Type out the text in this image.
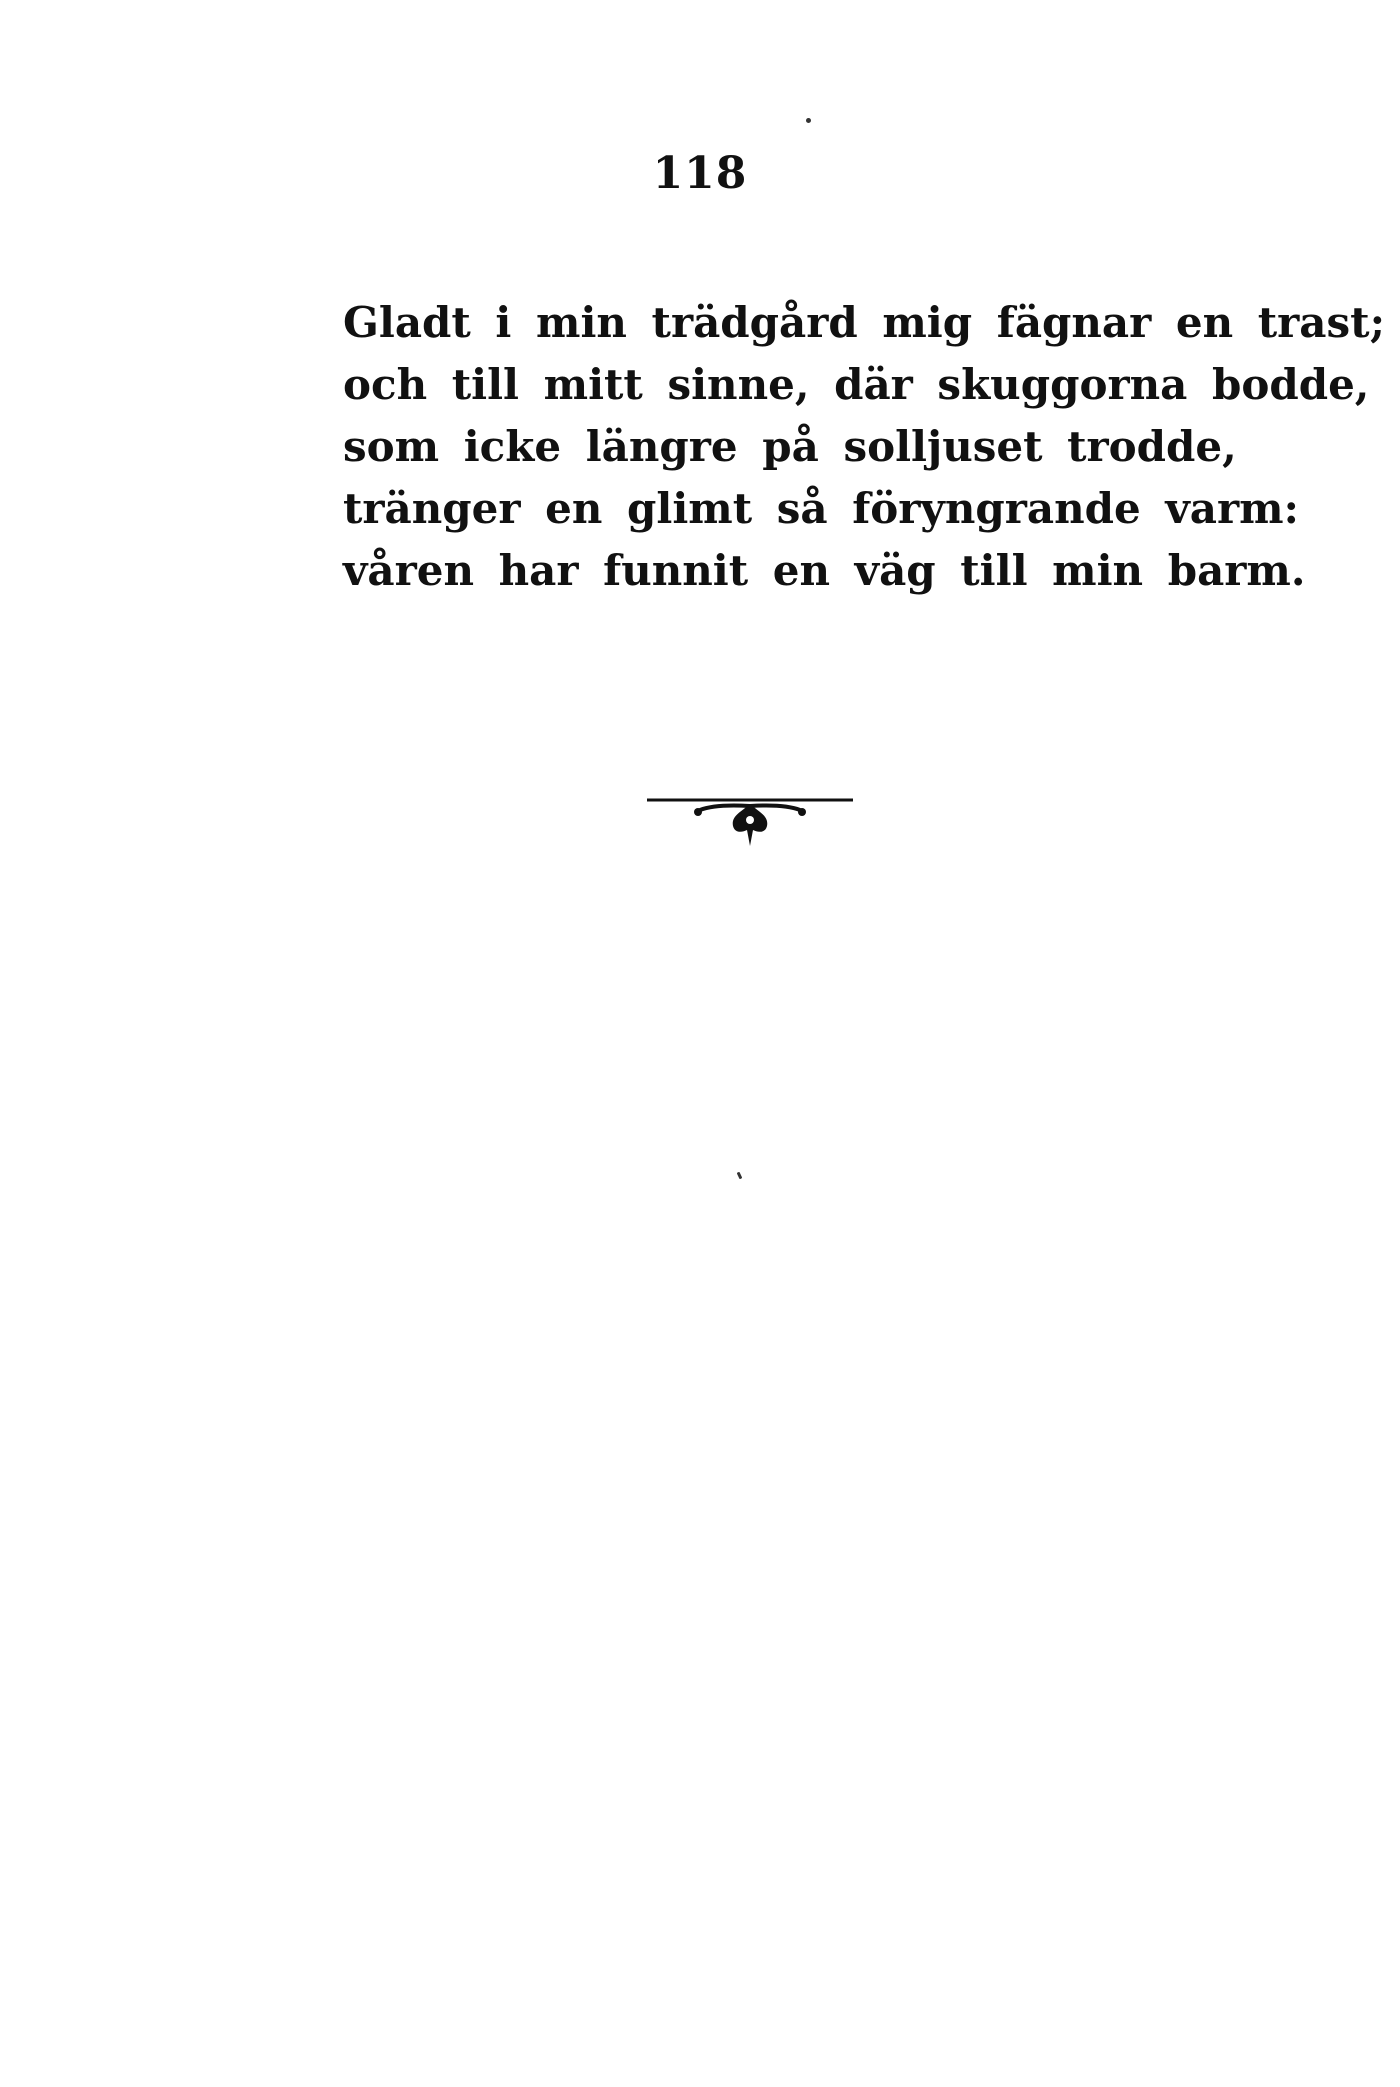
118
Gladt i min trädgård mig fägnar en trast;
och till mitt sinne, där skuggorna bodde,
som icke längre på solljuset trodde,
tränger en glimt så föryngrande varm:
våren har funnit en väg till min barm.
